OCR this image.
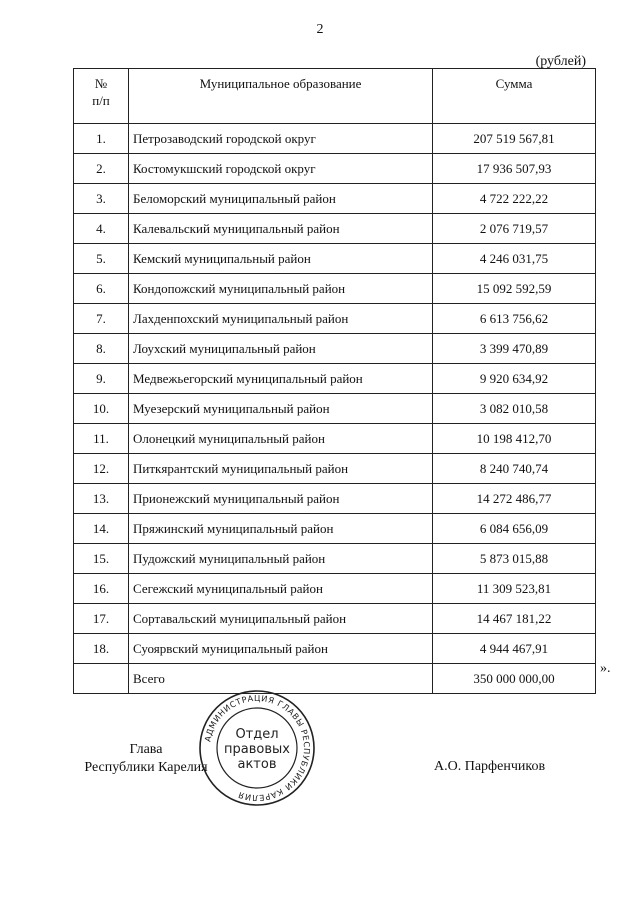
2
(рублей)
№
п/п	Муниципальное образование	Сумма
1.	Петрозаводский городской округ	207 519 567,81
2.	Костомукшский городской округ	17 936 507,93
3.	Беломорский муниципальный район	4 722 222,22
4.	Калевальский муниципальный район	2 076 719,57
5.	Кемский муниципальный район	4 246 031,75
6.	Кондопожский муниципальный район	15 092 592,59
7.	Лахденпохский муниципальный район	6 613 756,62
8.	Лоухский муниципальный район	3 399 470,89
9.	Медвежьегорский муниципальный район	9 920 634,92
10.	Муезерский муниципальный район	3 082 010,58
11.	Олонецкий муниципальный район	10 198 412,70
12.	Питкярантский муниципальный район	8 240 740,74
13.	Прионежский муниципальный район	14 272 486,77
14.	Пряжинский муниципальный район	6 084 656,09
15.	Пудожский муниципальный район	5 873 015,88
16.	Сегежский муниципальный район	11 309 523,81
17.	Сортавальский муниципальный район	14 467 181,22
18.	Суоярвский муниципальный район	4 944 467,91
	Всего	350 000 000,00
».
Глава
Республики Карелия
АДМИНИСТРАЦИЯ ГЛАВЫ РЕСПУБЛИКИ КАРЕЛИЯ
Отдел
правовых
актов	А.О. Парфенчиков
